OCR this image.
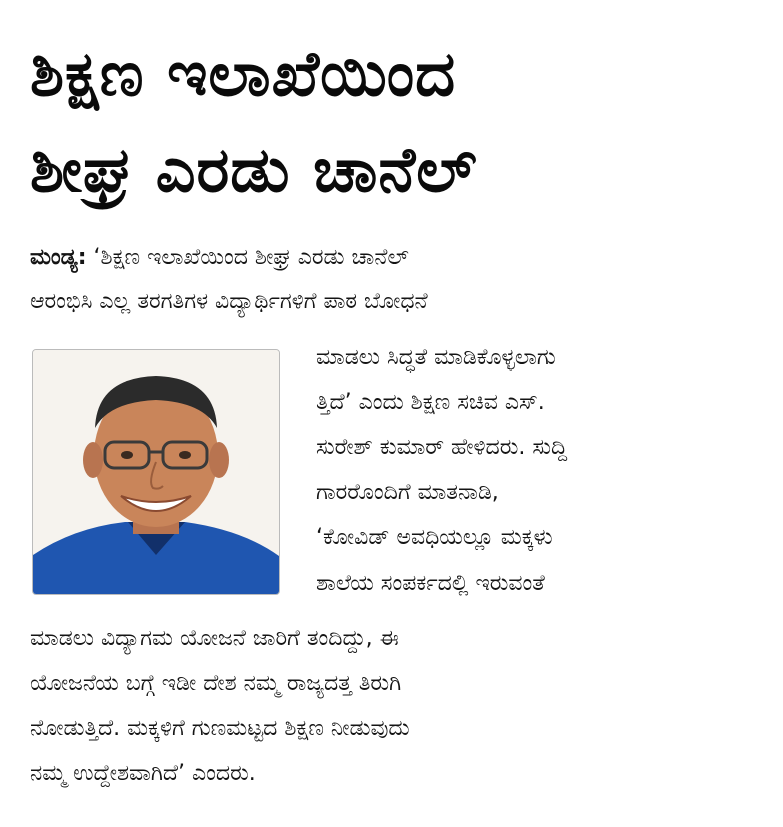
ಶಿಕ್ಷಣ ಇಲಾಖೆಯಿಂದ
ಶೀಘ್ರ ಎರಡು ಚಾನೆಲ್
ಮಂಡ್ಯ: ‘ಶಿಕ್ಷಣ ಇಲಾಖೆಯಿಂದ ಶೀಘ್ರ ಎರಡು ಚಾನೆಲ್
ಆರಂಭಿಸಿ ಎಲ್ಲ ತರಗತಿಗಳ ವಿದ್ಯಾರ್ಥಿಗಳಿಗೆ ಪಾಠ ಬೋಧನೆ
ಮಾಡಲು ಸಿದ್ಧತೆ ಮಾಡಿಕೊಳ್ಳಲಾಗು
ತ್ತಿದೆ’ ಎಂದು ಶಿಕ್ಷಣ ಸಚಿವ ಎಸ್.
ಸುರೇಶ್ ಕುಮಾರ್ ಹೇಳಿದರು. ಸುದ್ದಿ
ಗಾರರೊಂದಿಗೆ ಮಾತನಾಡಿ,
‘ಕೋವಿಡ್ ಅವಧಿಯಲ್ಲೂ ಮಕ್ಕಳು
ಶಾಲೆಯ ಸಂಪರ್ಕದಲ್ಲಿ ಇರುವಂತೆ
ಮಾಡಲು ವಿದ್ಯಾಗಮ ಯೋಜನೆ ಜಾರಿಗೆ ತಂದಿದ್ದು, ಈ
ಯೋಜನೆಯ ಬಗ್ಗೆ ಇಡೀ ದೇಶ ನಮ್ಮ ರಾಜ್ಯದತ್ತ ತಿರುಗಿ
ನೋಡುತ್ತಿದೆ. ಮಕ್ಕಳಿಗೆ ಗುಣಮಟ್ಟದ ಶಿಕ್ಷಣ ನೀಡುವುದು
ನಮ್ಮ ಉದ್ದೇಶವಾಗಿದೆ’ ಎಂದರು.
